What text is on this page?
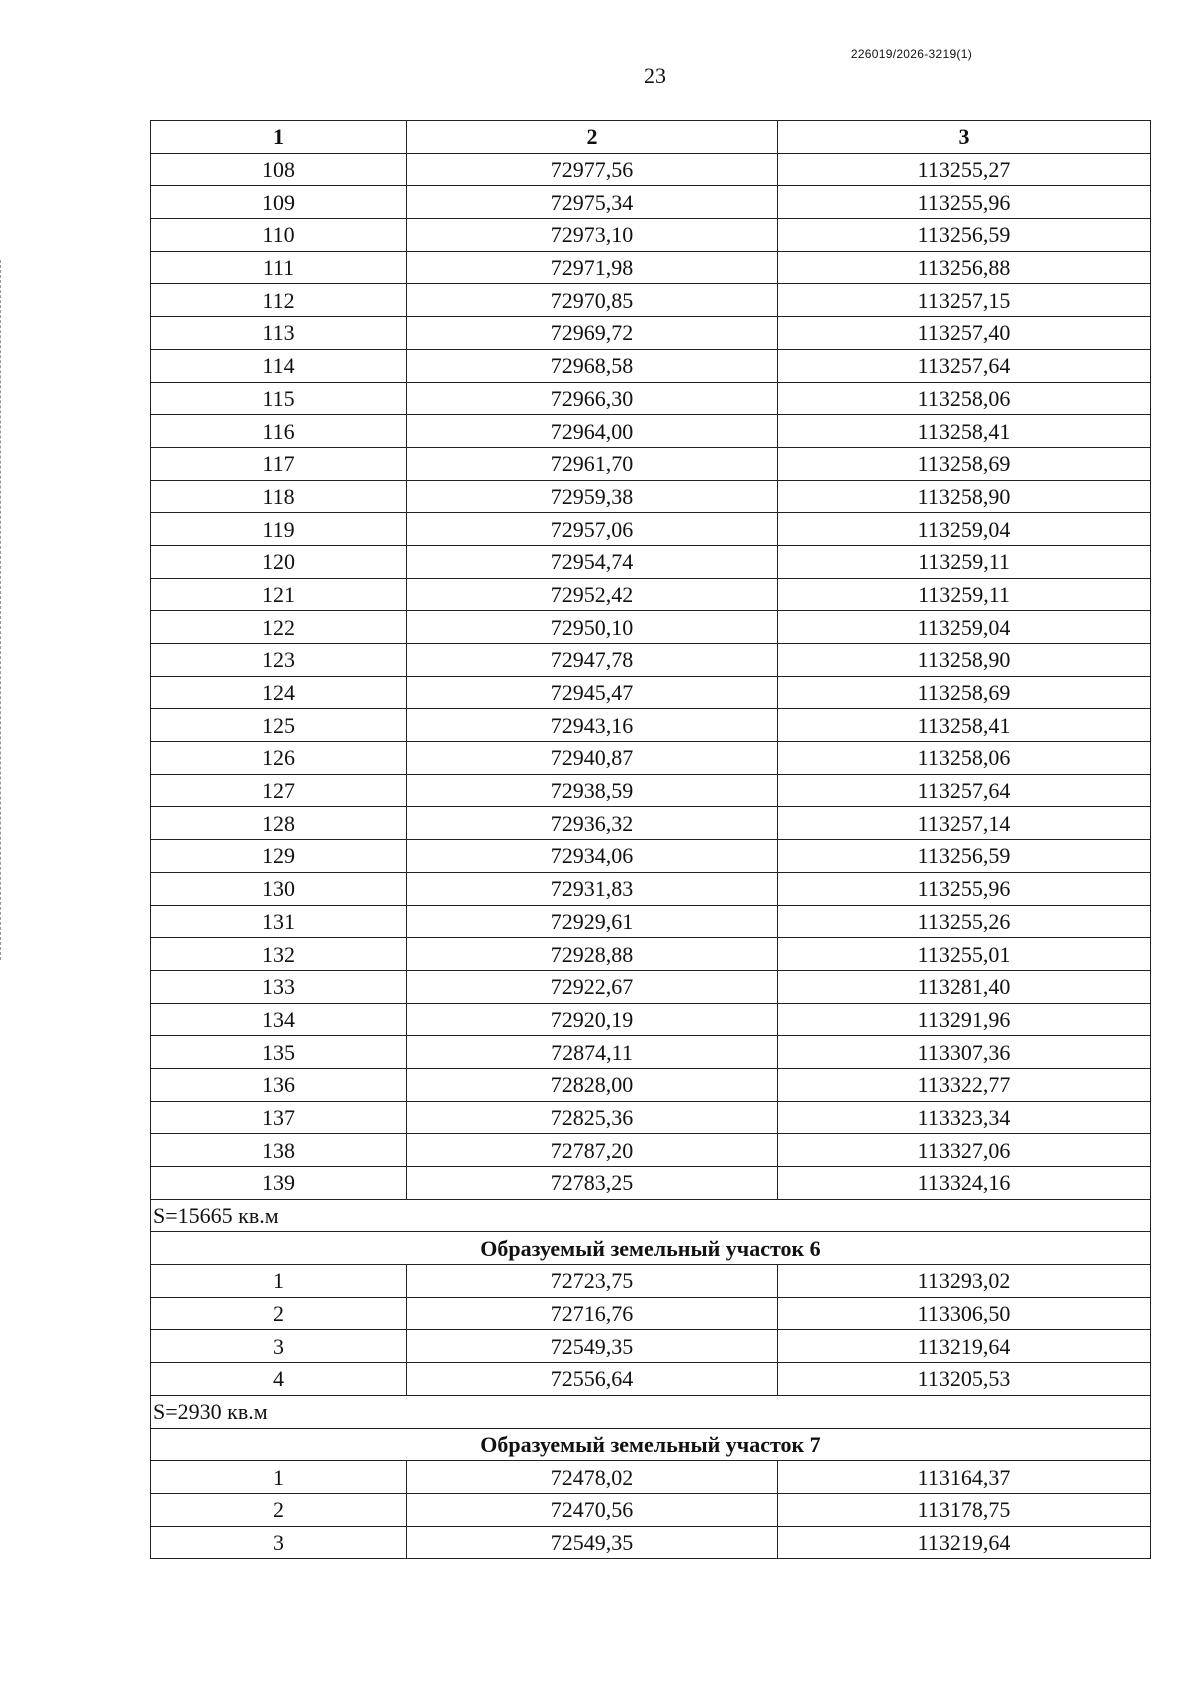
226019/2026-3219(1)
23
1	2	3
108	72977,56	113255,27
109	72975,34	113255,96
110	72973,10	113256,59
111	72971,98	113256,88
112	72970,85	113257,15
113	72969,72	113257,40
114	72968,58	113257,64
115	72966,30	113258,06
116	72964,00	113258,41
117	72961,70	113258,69
118	72959,38	113258,90
119	72957,06	113259,04
120	72954,74	113259,11
121	72952,42	113259,11
122	72950,10	113259,04
123	72947,78	113258,90
124	72945,47	113258,69
125	72943,16	113258,41
126	72940,87	113258,06
127	72938,59	113257,64
128	72936,32	113257,14
129	72934,06	113256,59
130	72931,83	113255,96
131	72929,61	113255,26
132	72928,88	113255,01
133	72922,67	113281,40
134	72920,19	113291,96
135	72874,11	113307,36
136	72828,00	113322,77
137	72825,36	113323,34
138	72787,20	113327,06
139	72783,25	113324,16
S=15665 кв.м		
Образуемый земельный участок 6		
1	72723,75	113293,02
2	72716,76	113306,50
3	72549,35	113219,64
4	72556,64	113205,53
S=2930 кв.м		
Образуемый земельный участок 7		
1	72478,02	113164,37
2	72470,56	113178,75
3	72549,35	113219,64
